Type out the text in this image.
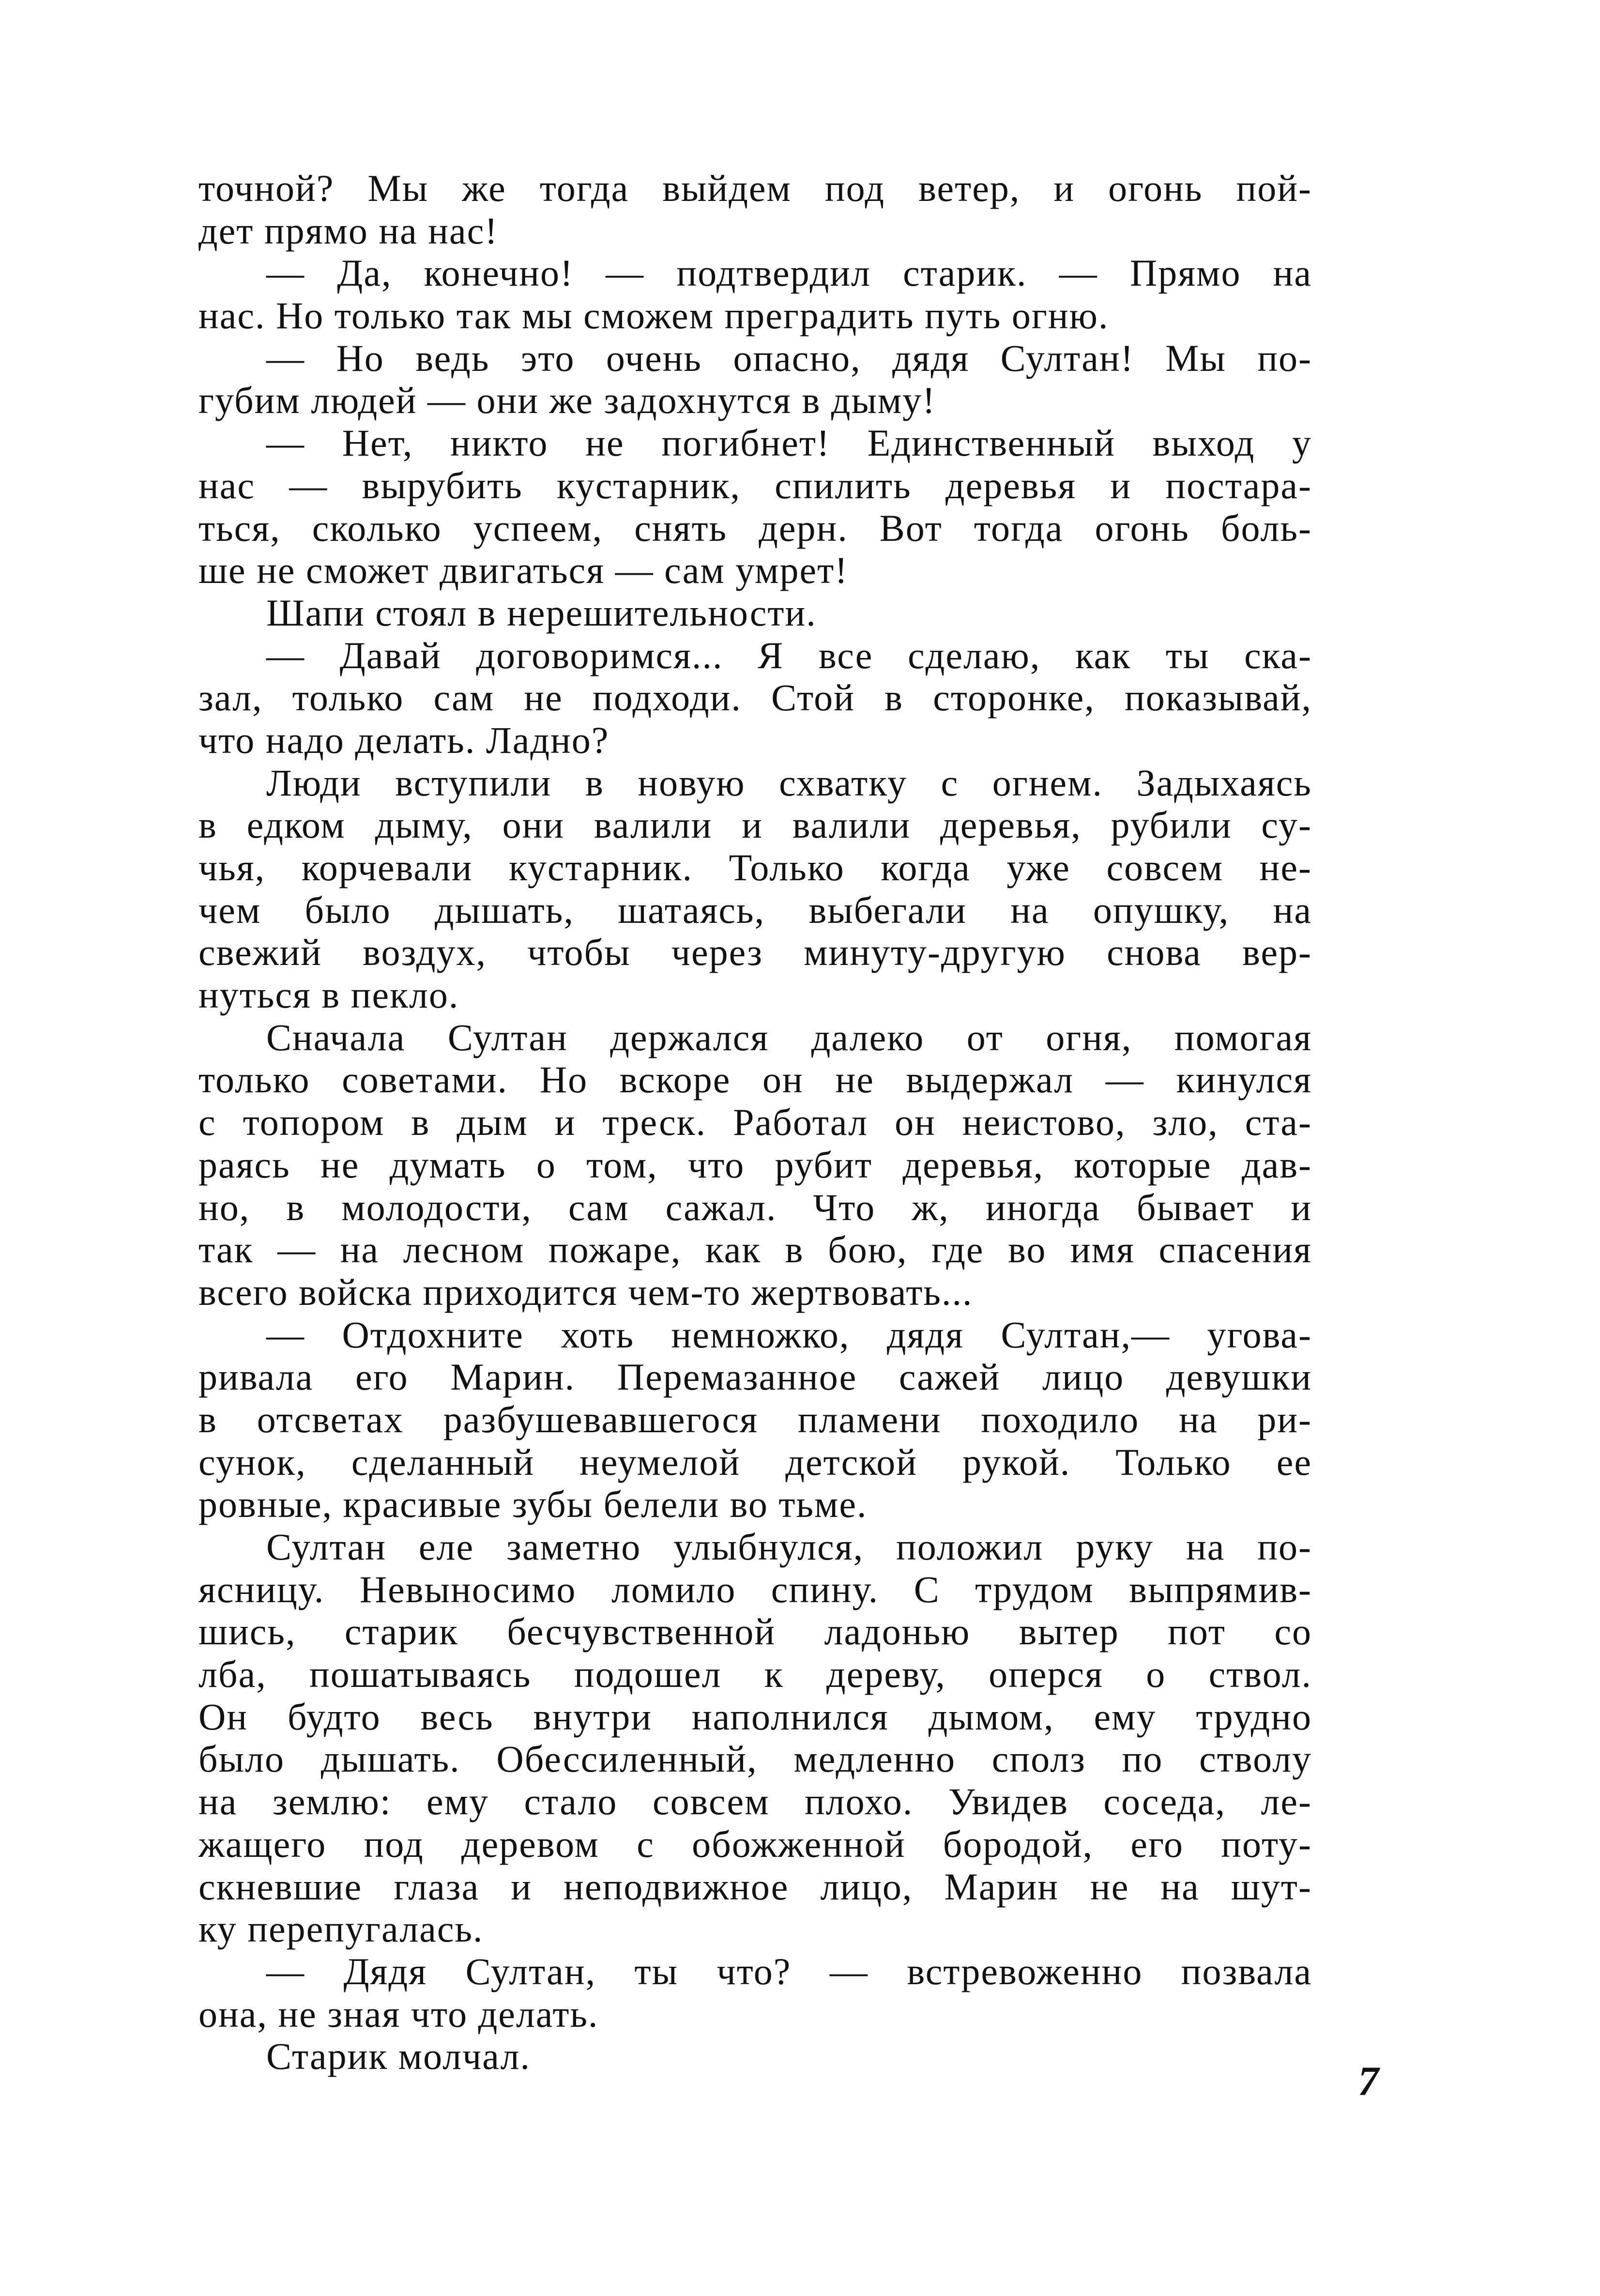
точной? Мы же тогда выйдем под ветер, и огонь пой-
дет прямо на нас!
— Да, конечно! — подтвердил старик. — Прямо на
нас. Но только так мы сможем преградить путь огню.
— Но ведь это очень опасно, дядя Султан! Мы по-
губим людей — они же задохнутся в дыму!
— Нет, никто не погибнет! Единственный выход у
нас — вырубить кустарник, спилить деревья и постара-
ться, сколько успеем, снять дерн. Вот тогда огонь боль-
ше не сможет двигаться — сам умрет!
Шапи стоял в нерешительности.
— Давай договоримся... Я все сделаю, как ты ска-
зал, только сам не подходи. Стой в сторонке, показывай,
что надо делать. Ладно?
Люди вступили в новую схватку с огнем. Задыхаясь
в едком дыму, они валили и валили деревья, рубили су-
чья, корчевали кустарник. Только когда уже совсем не-
чем было дышать, шатаясь, выбегали на опушку, на
свежий воздух, чтобы через минуту-другую снова вер-
нуться в пекло.
Сначала Султан держался далеко от огня, помогая
только советами. Но вскоре он не выдержал — кинулся
с топором в дым и треск. Работал он неистово, зло, ста-
раясь не думать о том, что рубит деревья, которые дав-
но, в молодости, сам сажал. Что ж, иногда бывает и
так — на лесном пожаре, как в бою, где во имя спасения
всего войска приходится чем-то жертвовать...
— Отдохните хоть немножко, дядя Султан,— угова-
ривала его Марин. Перемазанное сажей лицо девушки
в отсветах разбушевавшегося пламени походило на ри-
сунок, сделанный неумелой детской рукой. Только ее
ровные, красивые зубы белели во тьме.
Султан еле заметно улыбнулся, положил руку на по-
ясницу. Невыносимо ломило спину. С трудом выпрямив-
шись, старик бесчувственной ладонью вытер пот со
лба, пошатываясь подошел к дереву, оперся о ствол.
Он будто весь внутри наполнился дымом, ему трудно
было дышать. Обессиленный, медленно сполз по стволу
на землю: ему стало совсем плохо. Увидев соседа, ле-
жащего под деревом с обожженной бородой, его поту-
скневшие глаза и неподвижное лицо, Марин не на шут-
ку перепугалась.
— Дядя Султан, ты что? — встревоженно позвала
она, не зная что делать.
Старик молчал.
7
